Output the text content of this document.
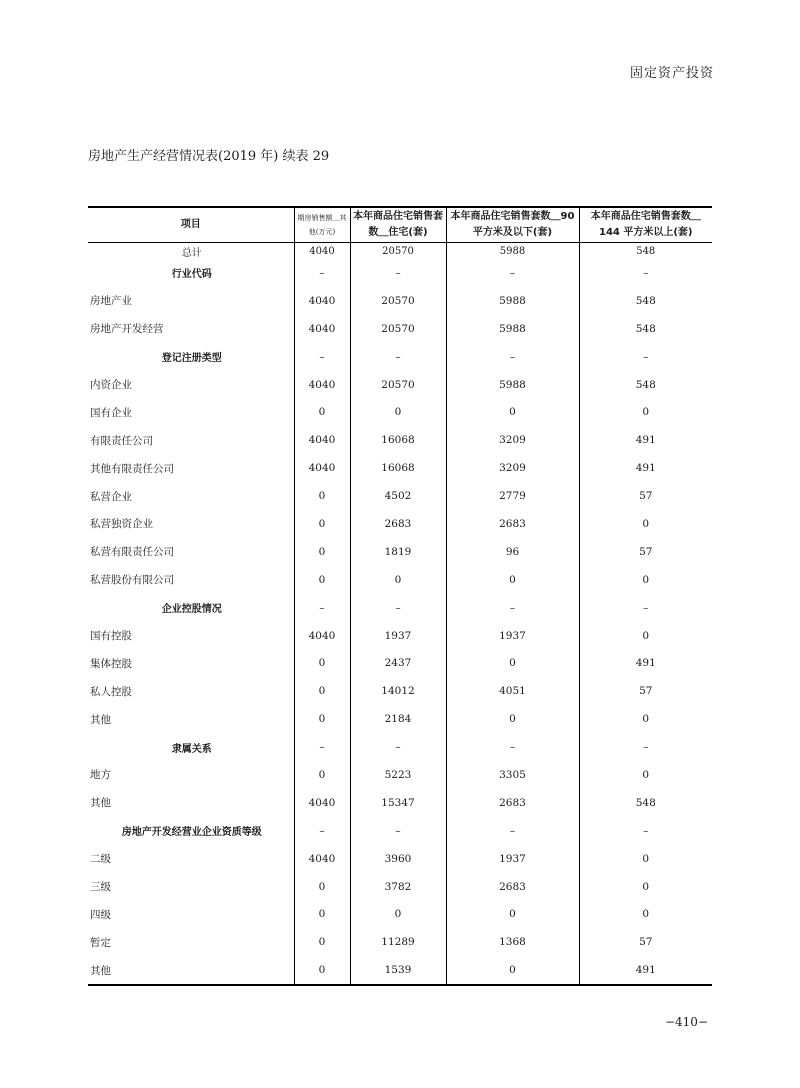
固定资产投资
房地产生产经营情况表(2019 年) 续表 29
项目	期房销售额＿其他(万元)	本年商品住宅销售套数＿住宅(套)	本年商品住宅销售套数＿90 平方米及以下(套)	本年商品住宅销售套数＿144 平方米以上(套)
总计	4040	20570	5988	548
行业代码	–	–	–	–
房地产业	4040	20570	5988	548
房地产开发经营	4040	20570	5988	548
登记注册类型	–	–	–	–
内资企业	4040	20570	5988	548
国有企业	0	0	0	0
有限责任公司	4040	16068	3209	491
其他有限责任公司	4040	16068	3209	491
私营企业	0	4502	2779	57
私营独资企业	0	2683	2683	0
私营有限责任公司	0	1819	96	57
私营股份有限公司	0	0	0	0
企业控股情况	–	–	–	–
国有控股	4040	1937	1937	0
集体控股	0	2437	0	491
私人控股	0	14012	4051	57
其他	0	2184	0	0
隶属关系	–	–	–	–
地方	0	5223	3305	0
其他	4040	15347	2683	548
房地产开发经营业企业资质等级	–	–	–	–
二级	4040	3960	1937	0
三级	0	3782	2683	0
四级	0	0	0	0
暂定	0	11289	1368	57
其他	0	1539	0	491
−410−
